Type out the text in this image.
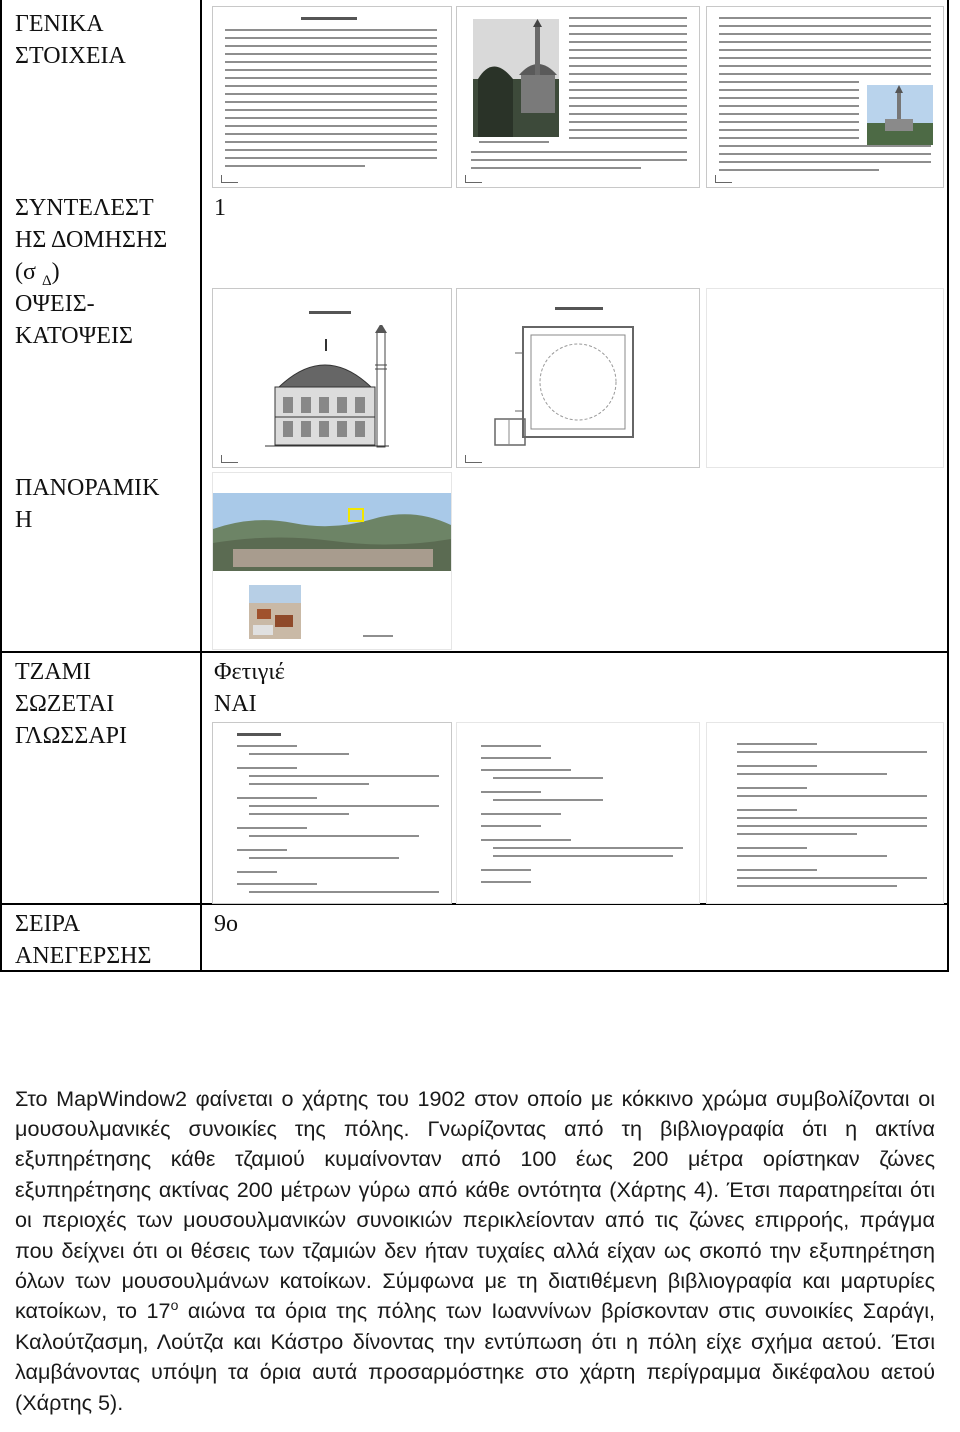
ΓΕΝΙΚΑ
ΣΤΟΙΧΕΙΑ
ΣΥΝΤΕΛΕΣΤ
ΗΣ ΔΟΜΗΣΗΣ
(σ $_\Delta$)
ΟΨΕΙΣ-
ΚΑΤΟΨΕΙΣ
ΠΑΝΟΡΑΜΙΚ
Η
ΤΖΑΜΙ
ΣΩΖΕΤΑΙ
ΓΛΩΣΣΑΡΙ
ΣΕΙΡΑ
ΑΝΕΓΕΡΣΗΣ
1
Φετιγιέ
ΝΑΙ
9ο

Στο MapWindow2 φαίνεται ο χάρτης του 1902 στον οποίο με κόκκινο χρώμα συμβολίζονται οι μουσουλμανικές συνοικίες της πόλης. Γνωρίζοντας από τη βιβλιογραφία ότι η ακτίνα εξυπηρέτησης κάθε τζαμιού κυμαίνονταν από 100 έως 200 μέτρα ορίστηκαν ζώνες εξυπηρέτησης ακτίνας 200 μέτρων γύρω από κάθε οντότητα (Χάρτης 4). Έτσι παρατηρείται ότι οι περιοχές των μουσουλμανικών συνοικιών περικλείονταν από τις ζώνες επιρροής, πράγμα που δείχνει ότι οι θέσεις των τζαμιών δεν ήταν τυχαίες αλλά είχαν ως σκοπό την εξυπηρέτηση όλων των μουσουλμάνων κατοίκων. Σύμφωνα με τη διατιθέμενη βιβλιογραφία και μαρτυρίες κατοίκων, το $17^o$ αιώνα τα όρια της πόλης των Ιωαννίνων βρίσκονταν στις συνοικίες Σαράγι, Καλούτζασμη, Λούτζα και Κάστρο δίνοντας την εντύπωση ότι η πόλη είχε σχήμα αετού. Έτσι λαμβάνοντας υπόψη τα όρια αυτά προσαρμόστηκε στο χάρτη περίγραμμα δικέφαλου αετού (Χάρτης 5).
